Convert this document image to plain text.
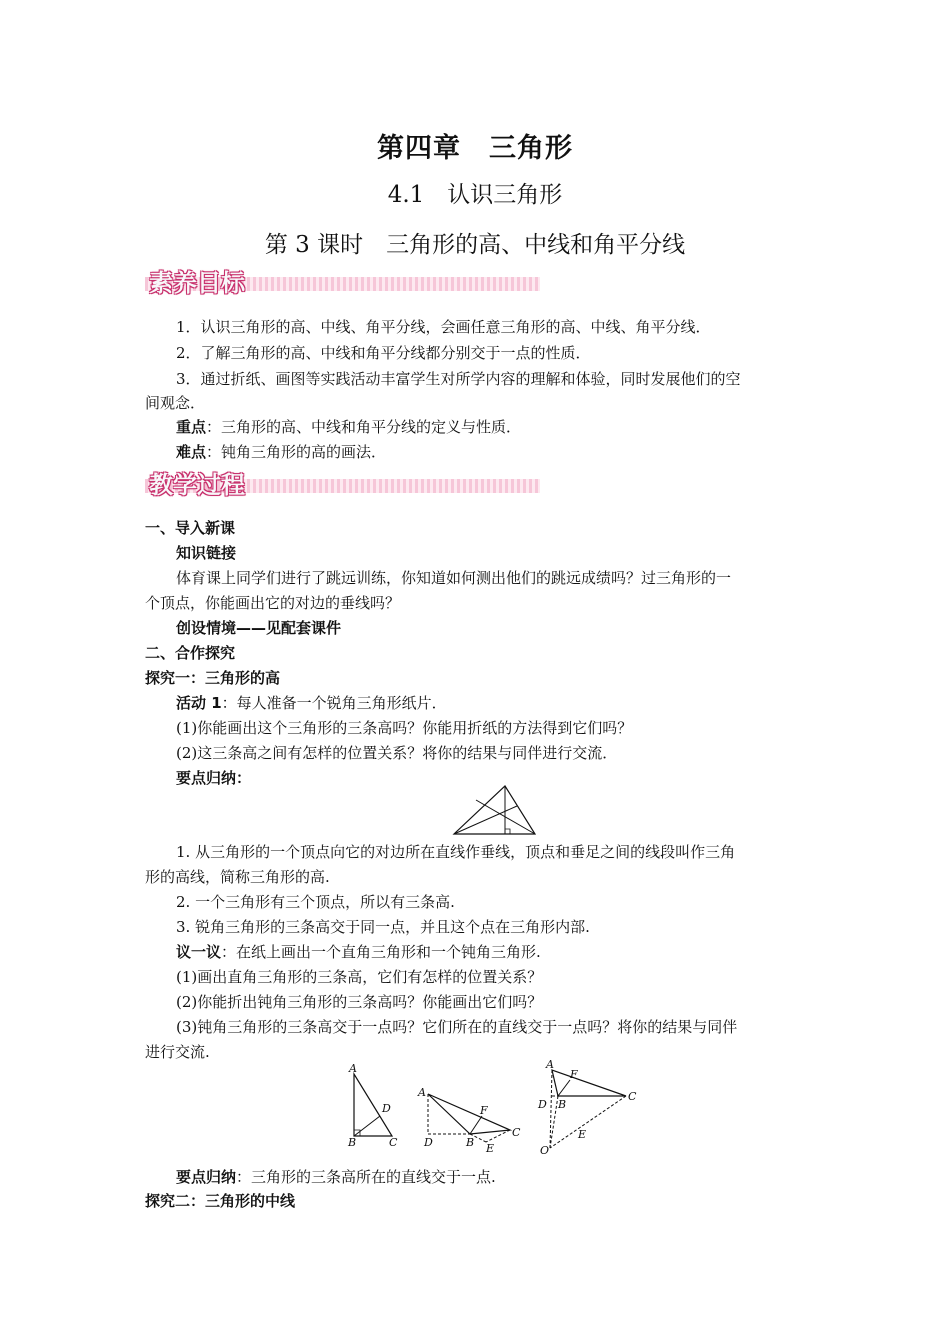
第四章　三角形
4.1　认识三角形
第 3 课时　三角形的高、中线和角平分线
素养目标
1．认识三角形的高、中线、角平分线，会画任意三角形的高、中线、角平分线．
2．了解三角形的高、中线和角平分线都分别交于一点的性质．
3．通过折纸、画图等实践活动丰富学生对所学内容的理解和体验，同时发展他们的空
间观念．
重点：三角形的高、中线和角平分线的定义与性质．
难点：钝角三角形的高的画法．
教学过程
一、导入新课
知识链接
体育课上同学们进行了跳远训练，你知道如何测出他们的跳远成绩吗？过三角形的一
个顶点，你能画出它的对边的垂线吗？
创设情境——见配套课件
二、合作探究
探究一：三角形的高
活动 1：每人准备一个锐角三角形纸片．
(1)你能画出这个三角形的三条高吗？你能用折纸的方法得到它们吗？
(2)这三条高之间有怎样的位置关系？将你的结果与同伴进行交流．
要点归纳：
1. 从三角形的一个顶点向它的对边所在直线作垂线，顶点和垂足之间的线段叫作三角
形的高线，简称三角形的高.
2. 一个三角形有三个顶点，所以有三条高.
3. 锐角三角形的三条高交于同一点，并且这个点在三角形内部.
议一议：在纸上画出一个直角三角形和一个钝角三角形.
(1)画出直角三角形的三条高，它们有怎样的位置关系？
(2)你能折出钝角三角形的三条高吗？你能画出它们吗？
(3)钝角三角形的三条高交于一点吗？它们所在的直线交于一点吗？将你的结果与同伴
进行交流.
A
B	C
D
A
B
C
D	E
F
A
B
C
D
E
F
O
要点归纳：三角形的三条高所在的直线交于一点.
探究二：三角形的中线
